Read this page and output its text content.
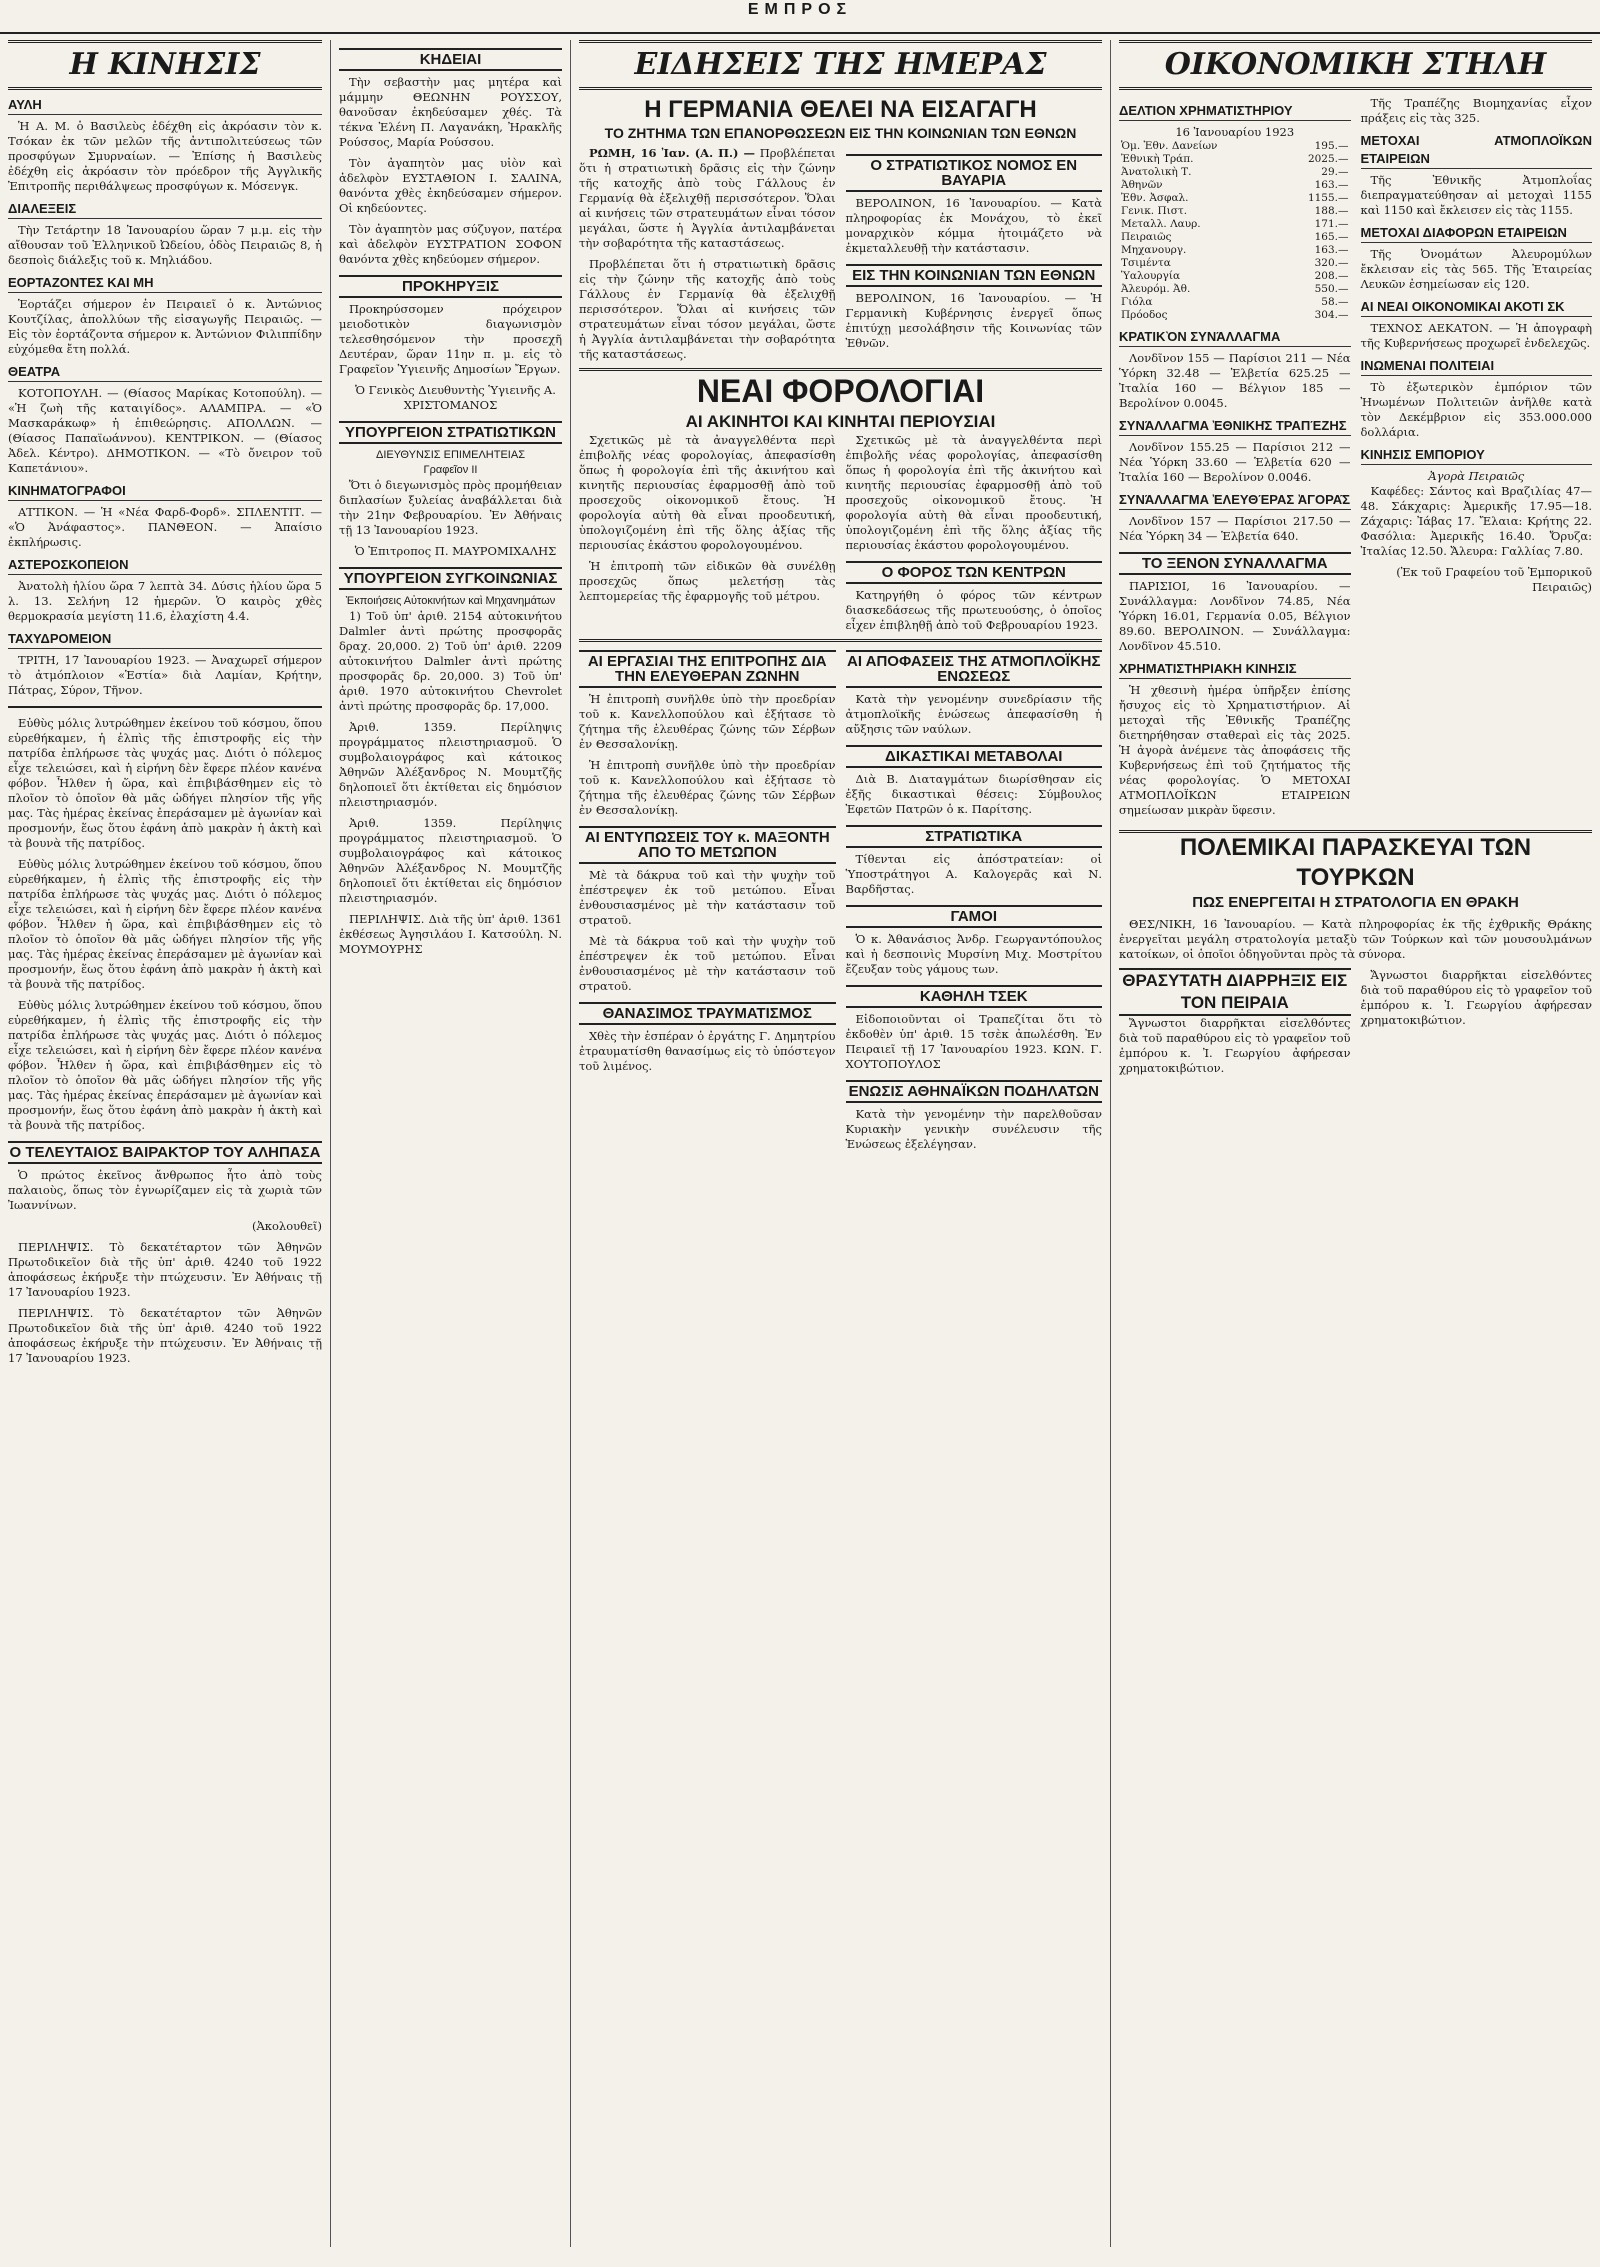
ΕΜΠΡΟΣ
Η ΚΙΝΗΣΙΣ
ΑΥΛΗ

Ἡ Α. Μ. ὁ Βασιλεὺς ἐδέχθη εἰς ἀκρόασιν τὸν κ. Τσόκαν ἐκ τῶν μελῶν τῆς ἀντιπολιτεύσεως τῶν προσφύγων Σμυρναίων. — Ἐπίσης ἡ Βασιλεὺς ἐδέχθη εἰς ἀκρόασιν τὸν πρόεδρον τῆς Ἀγγλικῆς Ἐπιτροπῆς περιθάλψεως προσφύγων κ. Μόσενγκ.

ΔΙΑΛΕΞΕΙΣ

Τὴν Τετάρτην 18 Ἰανουαρίου ὥραν 7 μ.μ. εἰς τὴν αἴθουσαν τοῦ Ἑλληνικοῦ Ὠδείου, ὁδὸς Πειραιῶς 8, ἡ δεσποὶς διάλεξις τοῦ κ. Μηλιάδου.

ΕΟΡΤΑΖΟΝΤΕΣ ΚΑΙ ΜΗ

Ἑορτάζει σήμερον ἐν Πειραιεῖ ὁ κ. Ἀντώνιος Κουτζίλας, ἀπολλύων τῆς εἰσαγωγῆς Πειραιῶς. — Εἰς τὸν ἑορτάζοντα σήμερον κ. Ἀντώνιον Φιλιππίδην εὐχόμεθα ἔτη πολλά.

ΘΕΑΤΡΑ

ΚΟΤΟΠΟΥΛΗ. — (Θίασος Μαρίκας Κοτοπούλη). — «Ἡ ζωὴ τῆς καταιγίδος». ΑΛΑΜΠΡΑ. — «Ὁ Μασκαράκωφ» ἡ ἑπιθεώρησις. ΑΠΟΛΛΩΝ. — (Θίασος Παπαϊωάννου). ΚΕΝΤΡΙΚΟΝ. — (Θίασος Ἀδελ. Κέντρο). ΔΗΜΟΤΙΚΟΝ. — «Τὸ ὄνειρον τοῦ Καπετάνιου».

ΚΙΝΗΜΑΤΟΓΡΑΦΟΙ

ΑΤΤΙΚΟΝ. — Ἡ «Νέα Φαρδ-Φορδ». ΣΠΛΕΝΤΙΤ. — «Ὁ Ἀνάφαστος». ΠΑΝΘΕΟΝ. — Ἀπαίσιο ἐκπλήρωσις.

ΑΣΤΕΡΟΣΚΟΠΕΙΟΝ

Ἀνατολὴ ἡλίου ὥρα 7 λεπτὰ 34. Δύσις ἡλίου ὥρα 5 λ. 13. Σελήνη 12 ἡμερῶν. Ὁ καιρὸς χθὲς θερμοκρασία μεγίστη 11.6, ἐλαχίστη 4.4.

ΤΑΧΥΔΡΟΜΕΙΟΝ

ΤΡΙΤΗ, 17 Ἰανουαρίου 1923. — Ἀναχωρεῖ σήμερον τὸ ἀτμόπλοιον «Ἑστία» διὰ Λαμίαν, Κρήτην, Πάτρας, Σύρον, Τῆνον.

Εὐθὺς μόλις λυτρώθημεν ἐκείνου τοῦ κόσμου, ὅπου εὐρεθήκαμεν, ἡ ἐλπὶς τῆς ἐπιστροφῆς εἰς τὴν πατρίδα ἐπλήρωσε τὰς ψυχάς μας. Διότι ὁ πόλεμος εἶχε τελειώσει, καὶ ἡ εἰρήνη δὲν ἔφερε πλέον κανένα φόβον. Ἦλθεν ἡ ὥρα, καὶ ἐπιβιβάσθημεν εἰς τὸ πλοῖον τὸ ὁποῖον θὰ μᾶς ὡδήγει πλησίον τῆς γῆς μας. Τὰς ἡμέρας ἐκείνας ἐπεράσαμεν μὲ ἀγωνίαν καὶ προσμονήν, ἕως ὅτου ἐφάνη ἀπὸ μακρὰν ἡ ἀκτὴ καὶ τὰ βουνὰ τῆς πατρίδος.

Εὐθὺς μόλις λυτρώθημεν ἐκείνου τοῦ κόσμου, ὅπου εὐρεθήκαμεν, ἡ ἐλπὶς τῆς ἐπιστροφῆς εἰς τὴν πατρίδα ἐπλήρωσε τὰς ψυχάς μας. Διότι ὁ πόλεμος εἶχε τελειώσει, καὶ ἡ εἰρήνη δὲν ἔφερε πλέον κανένα φόβον. Ἦλθεν ἡ ὥρα, καὶ ἐπιβιβάσθημεν εἰς τὸ πλοῖον τὸ ὁποῖον θὰ μᾶς ὡδήγει πλησίον τῆς γῆς μας. Τὰς ἡμέρας ἐκείνας ἐπεράσαμεν μὲ ἀγωνίαν καὶ προσμονήν, ἕως ὅτου ἐφάνη ἀπὸ μακρὰν ἡ ἀκτὴ καὶ τὰ βουνὰ τῆς πατρίδος.

Εὐθὺς μόλις λυτρώθημεν ἐκείνου τοῦ κόσμου, ὅπου εὐρεθήκαμεν, ἡ ἐλπὶς τῆς ἐπιστροφῆς εἰς τὴν πατρίδα ἐπλήρωσε τὰς ψυχάς μας. Διότι ὁ πόλεμος εἶχε τελειώσει, καὶ ἡ εἰρήνη δὲν ἔφερε πλέον κανένα φόβον. Ἦλθεν ἡ ὥρα, καὶ ἐπιβιβάσθημεν εἰς τὸ πλοῖον τὸ ὁποῖον θὰ μᾶς ὡδήγει πλησίον τῆς γῆς μας. Τὰς ἡμέρας ἐκείνας ἐπεράσαμεν μὲ ἀγωνίαν καὶ προσμονήν, ἕως ὅτου ἐφάνη ἀπὸ μακρὰν ἡ ἀκτὴ καὶ τὰ βουνὰ τῆς πατρίδος.

Ο ΤΕΛΕΥΤΑΙΟΣ ΒΑΙΡΑΚΤΟΡ ΤΟΥ ΑΛΗΠΑΣΑ

Ὁ πρώτος ἐκεῖνος ἄνθρωπος ἦτο ἀπὸ τοὺς παλαιοὺς, ὅπως τὸν ἐγνωρίζαμεν εἰς τὰ χωριὰ τῶν Ἰωαννίνων.

(Ἀκολουθεῖ)

ΠΕΡΙΛΗΨΙΣ. Τὸ δεκατέταρτον τῶν Ἀθηνῶν Πρωτοδικεῖον διὰ τῆς ὑπ' ἀριθ. 4240 τοῦ 1922 ἀποφάσεως ἐκήρυξε τὴν πτώχευσιν. Ἐν Ἀθήναις τῇ 17 Ἰανουαρίου 1923.

ΠΕΡΙΛΗΨΙΣ. Τὸ δεκατέταρτον τῶν Ἀθηνῶν Πρωτοδικεῖον διὰ τῆς ὑπ' ἀριθ. 4240 τοῦ 1922 ἀποφάσεως ἐκήρυξε τὴν πτώχευσιν. Ἐν Ἀθήναις τῇ 17 Ἰανουαρίου 1923.

ΚΗΔΕΙΑΙ

Τὴν σεβαστὴν μας μητέρα καὶ μάμμην ΘΕΩΝΗΝ ΡΟΥΣΣΟΥ, θανοῦσαν ἐκηδεύσαμεν χθές. Τὰ τέκνα Ἑλένη Π. Λαγανάκη, Ἠρακλῆς Ρούσσος, Μαρία Ρούσσου.

Τὸν ἀγαπητὸν μας υἱὸν καὶ ἀδελφὸν ΕΥΣΤΑΘΙΟΝ Ι. ΣΑΛΙΝΑ, θανόντα χθὲς ἐκηδεύσαμεν σήμερον. Οἱ κηδεύοντες.

Τὸν ἀγαπητὸν μας σύζυγον, πατέρα καὶ ἀδελφὸν ΕΥΣΤΡΑΤΙΟΝ ΣΟΦΟΝ θανόντα χθὲς κηδεύομεν σήμερον.

ΠΡΟΚΗΡΥΞΙΣ

Προκηρύσσομεν πρόχειρον μειοδοτικὸν διαγωνισμὸν τελεσθησόμενον τὴν προσεχῆ Δευτέραν, ὥραν 11ην π. μ. εἰς τὸ Γραφεῖον Ὑγιεινῆς Δημοσίων Ἔργων.

Ὁ Γενικὸς Διευθυντὴς Ὑγιεινῆς Α. ΧΡΙΣΤΟΜΑΝΟΣ

ΥΠΟΥΡΓΕΙΟΝ ΣΤΡΑΤΙΩΤΙΚΩΝ
ΔΙΕΥΘΥΝΣΙΣ ΕΠΙΜΕΛΗΤΕΙΑΣ
Γραφεῖον ΙΙ

Ὅτι ὁ διεγωνισμὸς πρὸς προμήθειαν διπλασίων ξυλείας ἀναβάλλεται διὰ τὴν 21ην Φεβρουαρίου. Ἐν Ἀθήναις τῇ 13 Ἰανουαρίου 1923.

Ὁ Ἐπιτροπος Π. ΜΑΥΡΟΜΙΧΑΛΗΣ

ΥΠΟΥΡΓΕΙΟΝ ΣΥΓΚΟΙΝΩΝΙΑΣ
Ἐκποιήσεις Αὐτοκινήτων καὶ Μηχανημάτων

1) Τοῦ ὑπ' ἀριθ. 2154 αὐτοκινήτου Dalmler ἀντὶ πρώτης προσφορᾶς δραχ. 20,000. 2) Τοῦ ὑπ' ἀριθ. 2209 αὐτοκινήτου Dalmler ἀντὶ πρώτης προσφορᾶς δρ. 20,000. 3) Τοῦ ὑπ' ἀριθ. 1970 αὐτοκινήτου Chevrolet ἀντὶ πρώτης προσφορᾶς δρ. 17,000.

Ἀριθ. 1359. Περίληψις προγράμματος πλειστηριασμοῦ. Ὁ συμβολαιογράφος καὶ κάτοικος Ἀθηνῶν Ἀλέξανδρος Ν. Μουμτζῆς δηλοποιεῖ ὅτι ἐκτίθεται εἰς δημόσιον πλειστηριασμόν.

Ἀριθ. 1359. Περίληψις προγράμματος πλειστηριασμοῦ. Ὁ συμβολαιογράφος καὶ κάτοικος Ἀθηνῶν Ἀλέξανδρος Ν. Μουμτζῆς δηλοποιεῖ ὅτι ἐκτίθεται εἰς δημόσιον πλειστηριασμόν.

ΠΕΡΙΛΗΨΙΣ. Διὰ τῆς ὑπ' ἀριθ. 1361 ἐκθέσεως Ἀγησιλάου Ι. Κατσούλη. Ν. ΜΟΥΜΟΥΡΗΣ

ΕΙΔΗΣΕΙΣ ΤΗΣ ΗΜΕΡΑΣ
Η ΓΕΡΜΑΝΙΑ ΘΕΛΕΙ ΝΑ ΕΙΣΑΓΑΓΗ
ΤΟ ΖΗΤΗΜΑ ΤΩΝ ΕΠΑΝΟΡΘΩΣΕΩΝ ΕΙΣ ΤΗΝ ΚΟΙΝΩΝΙΑΝ ΤΩΝ ΕΘΝΩΝ

ΡΩΜΗ, 16 Ἰαν. (Α. Π.) — Προβλέπεται ὅτι ἡ στρατιωτικὴ δρᾶσις εἰς τὴν ζώνην τῆς κατοχῆς ἀπὸ τοὺς Γάλλους ἐν Γερμανίᾳ θὰ ἐξελιχθῇ περισσότερον. Ὅλαι αἱ κινήσεις τῶν στρατευμάτων εἶναι τόσον μεγάλαι, ὥστε ἡ Ἀγγλία ἀντιλαμβάνεται τὴν σοβαρότητα τῆς καταστάσεως.

Προβλέπεται ὅτι ἡ στρατιωτικὴ δρᾶσις εἰς τὴν ζώνην τῆς κατοχῆς ἀπὸ τοὺς Γάλλους ἐν Γερμανίᾳ θὰ ἐξελιχθῇ περισσότερον. Ὅλαι αἱ κινήσεις τῶν στρατευμάτων εἶναι τόσον μεγάλαι, ὥστε ἡ Ἀγγλία ἀντιλαμβάνεται τὴν σοβαρότητα τῆς καταστάσεως.

Ο ΣΤΡΑΤΙΩΤΙΚΟΣ ΝΟΜΟΣ ΕΝ ΒΑΥΑΡΙΑ

ΒΕΡΟΛΙΝΟΝ, 16 Ἰανουαρίου. — Κατὰ πληροφορίας ἐκ Μονάχου, τὸ ἐκεῖ μοναρχικὸν κόμμα ἠτοιμάζετο νὰ ἐκμεταλλευθῇ τὴν κατάστασιν.

ΕΙΣ ΤΗΝ ΚΟΙΝΩΝΙΑΝ ΤΩΝ ΕΘΝΩΝ

ΒΕΡΟΛΙΝΟΝ, 16 Ἰανουαρίου. — Ἡ Γερμανικὴ Κυβέρνησις ἐνεργεῖ ὅπως ἐπιτύχῃ μεσολάβησιν τῆς Κοινωνίας τῶν Ἐθνῶν.

ΝΕΑΙ ΦΟΡΟΛΟΓΙΑΙ
ΑΙ ΑΚΙΝΗΤΟΙ ΚΑΙ ΚΙΝΗΤΑΙ ΠΕΡΙΟΥΣΙΑΙ

Σχετικῶς μὲ τὰ ἀναγγελθέντα περὶ ἐπιβολῆς νέας φορολογίας, ἀπεφασίσθη ὅπως ἡ φορολογία ἐπὶ τῆς ἀκινήτου καὶ κινητῆς περιουσίας ἐφαρμοσθῇ ἀπὸ τοῦ προσεχοῦς οἰκονομικοῦ ἔτους. Ἡ φορολογία αὐτὴ θὰ εἶναι προοδευτική, ὑπολογιζομένη ἐπὶ τῆς ὅλης ἀξίας τῆς περιουσίας ἑκάστου φορολογουμένου.

Ἡ ἐπιτροπὴ τῶν εἰδικῶν θὰ συνέλθῃ προσεχῶς ὅπως μελετήσῃ τὰς λεπτομερείας τῆς ἐφαρμογῆς τοῦ μέτρου.

Σχετικῶς μὲ τὰ ἀναγγελθέντα περὶ ἐπιβολῆς νέας φορολογίας, ἀπεφασίσθη ὅπως ἡ φορολογία ἐπὶ τῆς ἀκινήτου καὶ κινητῆς περιουσίας ἐφαρμοσθῇ ἀπὸ τοῦ προσεχοῦς οἰκονομικοῦ ἔτους. Ἡ φορολογία αὐτὴ θὰ εἶναι προοδευτική, ὑπολογιζομένη ἐπὶ τῆς ὅλης ἀξίας τῆς περιουσίας ἑκάστου φορολογουμένου.

Ο ΦΟΡΟΣ ΤΩΝ ΚΕΝΤΡΩΝ

Κατηργήθη ὁ φόρος τῶν κέντρων διασκεδάσεως τῆς πρωτευούσης, ὁ ὁποῖος εἶχεν ἐπιβληθῇ ἀπὸ τοῦ Φεβρουαρίου 1923.

ΑΙ ΕΡΓΑΣΙΑΙ ΤΗΣ ΕΠΙΤΡΟΠΗΣ ΔΙΑ ΤΗΝ ΕΛΕΥΘΕΡΑΝ ΖΩΝΗΝ

Ἡ ἐπιτροπὴ συνῆλθε ὑπὸ τὴν προεδρίαν τοῦ κ. Κανελλοπούλου καὶ ἐξήτασε τὸ ζήτημα τῆς ἐλευθέρας ζώνης τῶν Σέρβων ἐν Θεσσαλονίκῃ.

Ἡ ἐπιτροπὴ συνῆλθε ὑπὸ τὴν προεδρίαν τοῦ κ. Κανελλοπούλου καὶ ἐξήτασε τὸ ζήτημα τῆς ἐλευθέρας ζώνης τῶν Σέρβων ἐν Θεσσαλονίκῃ.

ΑΙ ΕΝΤΥΠΩΣΕΙΣ ΤΟΥ κ. ΜΑΞΟΝΤΗ ΑΠΟ ΤΟ ΜΕΤΩΠΟΝ

Μὲ τὰ δάκρυα τοῦ καὶ τὴν ψυχὴν τοῦ ἐπέστρεψεν ἐκ τοῦ μετώπου. Εἶναι ἐνθουσιασμένος μὲ τὴν κατάστασιν τοῦ στρατοῦ.

Μὲ τὰ δάκρυα τοῦ καὶ τὴν ψυχὴν τοῦ ἐπέστρεψεν ἐκ τοῦ μετώπου. Εἶναι ἐνθουσιασμένος μὲ τὴν κατάστασιν τοῦ στρατοῦ.

ΘΑΝΑΣΙΜΟΣ ΤΡΑΥΜΑΤΙΣΜΟΣ

Χθὲς τὴν ἑσπέραν ὁ ἐργάτης Γ. Δημητρίου ἐτραυματίσθη θανασίμως εἰς τὸ ὑπόστεγον τοῦ λιμένος.

ΑΙ ΑΠΟΦΑΣΕΙΣ ΤΗΣ ΑΤΜΟΠΛΟΪΚΗΣ ΕΝΩΣΕΩΣ

Κατὰ τὴν γενομένην συνεδρίασιν τῆς ἀτμοπλοϊκῆς ἑνώσεως ἀπεφασίσθη ἡ αὔξησις τῶν ναύλων.

ΔΙΚΑΣΤΙΚΑΙ ΜΕΤΑΒΟΛΑΙ

Διὰ Β. Διαταγμάτων διωρίσθησαν εἰς ἐξῆς δικαστικαὶ θέσεις: Σύμβουλος Ἐφετῶν Πατρῶν ὁ κ. Παρίτσης.

ΣΤΡΑΤΙΩΤΙΚΑ

Τίθενται εἰς ἀπόστρατείαν: οἱ Ὑποστράτηγοι Α. Καλογερᾶς καὶ Ν. Βαρδῆστας.

ΓΑΜΟΙ

Ὁ κ. Ἀθανάσιος Ἀνδρ. Γεωργαντόπουλος καὶ ἡ δεσποινὶς Μυρσίνη Μιχ. Μοστρίτου ἔζευξαν τοὺς γάμους των.

ΚΑΘΗΛΗ ΤΣΕΚ

Εἰδοποιοῦνται οἱ Τραπεζίται ὅτι τὸ ἐκδοθὲν ὑπ' ἀριθ. 15 τσὲκ ἀπωλέσθη. Ἐν Πειραιεῖ τῇ 17 Ἰανουαρίου 1923. ΚΩΝ. Γ. ΧΟΥΤΟΠΟΥΛΟΣ

ΕΝΩΣΙΣ ΑΘΗΝΑΪΚΩΝ ΠΟΔΗΛΑΤΩΝ

Κατὰ τὴν γενομένην τὴν παρελθοῦσαν Κυριακὴν γενικὴν συνέλευσιν τῆς Ἑνώσεως ἐξελέγησαν.

ΟΙΚΟΝΟΜΙΚΗ ΣΤΗΛΗ
ΔΕΛΤΙΟΝ ΧΡΗΜΑΤΙΣΤΗΡΙΟΥ
16 Ἰανουαρίου 1923
Ὁμ. Ἐθν. Δανείων	195.—
Ἐθνικὴ Τράπ.	2025.—
Ἀνατολικὴ Τ.	29.—
Ἀθηνῶν	163.—
Ἐθν. Ἀσφαλ.	1155.—
Γενικ. Πιστ.	188.—
Μεταλλ. Λαυρ.	171.—
Πειραιῶς	165.—
Μηχανουργ.	163.—
Τσιμέντα	320.—
Ὑαλουργία	208.—
Ἀλευρόμ. Ἀθ.	550.—
Γιόλα	58.—
Πρόοδος	304.—
ΚΡΑΤΙΚῸΝ ΣΥΝΆΛΛΑΓΜΑ

Λονδῖνον 155 — Παρίσιοι 211 — Νέα Ὑόρκη 32.48 — Ἑλβετία 625.25 — Ἰταλία 160 — Βέλγιον 185 — Βερολίνον 0.0045.

ΣΥΝΆΛΛΑΓΜΑ ἘΘΝΙΚΗ͂Σ ΤΡΑΠΈΖΗΣ

Λονδῖνον 155.25 — Παρίσιοι 212 — Νέα Ὑόρκη 33.60 — Ἑλβετία 620 — Ἰταλία 160 — Βερολίνον 0.0046.

ΣΥΝΆΛΛΑΓΜΑ ἘΛΕΥΘΈΡΑΣ ἈΓΟΡΑ͂Σ

Λονδῖνον 157 — Παρίσιοι 217.50 — Νέα Ὑόρκη 34 — Ἑλβετία 640.

ΤΟ ΞΕΝΟΝ ΣΥΝΑΛΛΑΓΜΑ

ΠΑΡΙΣΙΟΙ, 16 Ἰανουαρίου. — Συνάλλαγμα: Λονδῖνον 74.85, Νέα Ὑόρκη 16.01, Γερμανία 0.05, Βέλγιον 89.60. ΒΕΡΟΛΙΝΟΝ. — Συνάλλαγμα: Λονδῖνον 45.510.

ΧΡΗΜΑΤΙΣΤΗΡΙΑΚΗ ΚΙΝΗΣΙΣ

Ἡ χθεσινὴ ἡμέρα ὑπῆρξεν ἐπίσης ἤσυχος εἰς τὸ Χρηματιστήριον. Αἱ μετοχαὶ τῆς Ἐθνικῆς Τραπέζης διετηρήθησαν σταθεραὶ εἰς τὰς 2025. Ἡ ἀγορὰ ἀνέμενε τὰς ἀποφάσεις τῆς Κυβερνήσεως ἐπὶ τοῦ ζητήματος τῆς νέας φορολογίας. Ὁ ΜΕΤΟΧΑΙ ΑΤΜΟΠΛΟΪΚΩΝ ΕΤΑΙΡΕΙΩΝ σημείωσαν μικρὰν ὕφεσιν.

Τῆς Τραπέζης Βιομηχανίας εἶχον πράξεις εἰς τὰς 325.

ΜΕΤΟΧΑΙ ΑΤΜΟΠΛΟΪΚΩΝ ΕΤΑΙΡΕΙΩΝ

Τῆς Ἐθνικῆς Ἀτμοπλοΐας διεπραγματεύθησαν αἱ μετοχαὶ 1155 καὶ 1150 καὶ ἔκλεισεν εἰς τὰς 1155.

ΜΕΤΟΧΑΙ ΔΙΑΦΟΡΩΝ ΕΤΑΙΡΕΙΩΝ

Τῆς Ὀνομάτων Ἀλευρομύλων ἔκλεισαν εἰς τὰς 565. Τῆς Ἑταιρείας Λευκῶν ἐσημείωσαν εἰς 120.

ΑΙ ΝΕΑΙ ΟΙΚΟΝΟΜΙΚΑΙ ΑΚΟΤΙ ΣΚ

ΤΕΧΝΟΣ ΑΕΚΑΤΟΝ. — Ἡ ἀπογραφὴ τῆς Κυβερνήσεως προχωρεῖ ἐνδελεχῶς.

ΙΝΩΜΕΝΑΙ ΠΟΛΙΤΕΙΑΙ

Τὸ ἐξωτερικὸν ἐμπόριον τῶν Ἠνωμένων Πολιτειῶν ἀνῆλθε κατὰ τὸν Δεκέμβριον εἰς 353.000.000 δολλάρια.

ΚΙΝΗΣΙΣ ΕΜΠΟΡΙΟΥ
Ἀγορὰ Πειραιῶς

Καφέδες: Σάντος καὶ Βραζιλίας 47—48. Σάκχαρις: Ἀμερικῆς 17.95—18. Ζάχαρις: Ἰάβας 17. Ἔλαια: Κρήτης 22. Φασόλια: Ἀμερικῆς 16.40. Ὄρυζα: Ἰταλίας 12.50. Ἄλευρα: Γαλλίας 7.80.

(Ἐκ τοῦ Γραφείου τοῦ Ἐμπορικοῦ Πειραιῶς)

ΠΟΛΕΜΙΚΑΙ ΠΑΡΑΣΚΕΥΑΙ ΤΩΝ ΤΟΥΡΚΩΝ
ΠΩΣ ΕΝΕΡΓΕΙΤΑΙ Η ΣΤΡΑΤΟΛΟΓΙΑ ΕΝ ΘΡΑΚΗ

ΘΕΣ/ΝΙΚΗ, 16 Ἰανουαρίου. — Κατὰ πληροφορίας ἐκ τῆς ἐχθρικῆς Θράκης ἐνεργεῖται μεγάλη στρατολογία μεταξὺ τῶν Τούρκων καὶ τῶν μουσουλμάνων κατοίκων, οἱ ὁποῖοι ὁδηγοῦνται πρὸς τὰ σύνορα.

ΘΡΑΣΥΤΑΤΗ ΔΙΑΡΡΗΞΙΣ ΕΙΣ ΤΟΝ ΠΕΙΡΑΙΑ

Ἄγνωστοι διαρρῆκται εἰσελθόντες διὰ τοῦ παραθύρου εἰς τὸ γραφεῖον τοῦ ἐμπόρου κ. Ἰ. Γεωργίου ἀφήρεσαν χρηματοκιβώτιον.

Ἄγνωστοι διαρρῆκται εἰσελθόντες διὰ τοῦ παραθύρου εἰς τὸ γραφεῖον τοῦ ἐμπόρου κ. Ἰ. Γεωργίου ἀφήρεσαν χρηματοκιβώτιον.
